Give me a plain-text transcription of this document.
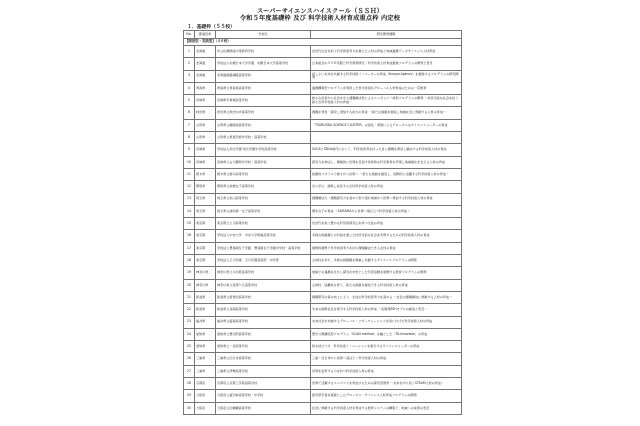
スーパーサイエンスハイスクール（ＳＳＨ）
令和５年度基礎枠 及び 科学技術人材育成重点枠 内定校
１．基礎枠（５５校）
No.	都道府県	学校名	研究開発課題
【開発型・実践型】（４６校）			
1	北海道	市立札幌開成中等教育学校	次世代社会を担う科学的思考力を備えた人材の育成と地域連携データサイエンス人材育成
2	北海道	学校法人札幌日本大学学園　札幌日本大学高等学校	日本最北のＳＳＨ実践と科学教育研究・科学技術人材育成推進プログラムの開発と普及
3	北海道	北海道釧路湖陵高等学校	試しよい未来を共創する科学技術イノベーターの育成（Kuroyo Agency）を推進するプログラムの研究開発
4	青森県	青森県立青森東高等学校	連携構築型プログラムを利用した科学技術系グローバル人材育成のための一貫教育
5	宮城県	宮城県多賀城高等学校	様々な災害から社会を守る課題解決型によるエンゼリン一体型プログラムの開発 ～持続可能な社会を担う新たな科学技術人材の育成～
6	秋田県	秋田県立秋田中央高等学校	課題を発見・探究し発信する能力の育成 ～新たな価値を創造し地域社会に貢献する人材の育成～
7	山形県	山形県立鶴岡南高等学校	「TSURUOKA SCIENCE CLUSTER」の深化・発展によるグローカルなサイエンスリーダーの育成
8	山形県	山形県立東桜学館中学校・高等学校	
9	宮城県	学校法人尚志学園 尚志学園中学校高等学校	VUCAとSDGs時代において、科学的思考を持った自ら課題を発見し解決する科学技術人材の育成
10	宮城県	宮城県立古川黎明中学校・高等学校	探究力を伸ばし、積極的に世界を目指す世界的な科学教育を実現し地域創生を支える人材の育成
11	栃木県	栃木県立栃木高等学校	能動的スタイルで様々から世界へ ～新たな価値を創造し、国際的に活躍する科学技術人材の育成～
12	群馬県	群馬県立前橋女子高等学校	自ら学び、挑戦し成長する女性科学技術人材の育成
13	埼玉県	埼玉県立松山高等学校	課題解決力・課題探究力を高めて取り組む地域から世界へ発信する科学技術人材の育成
14	埼玉県	埼玉県立浦和第一女子高等学校	理系女子の育成 ～SAITAMAから世界へ飛び立つ科学技術人材の育成～
15	東京都	東京都立立川高等学校	次世代を担う豊かな科学的探究心を持つ生徒の育成
16	東京都	学校法人中央大学　中央大学附属高等学校	多様な価値観との対話を通じた持続可能な社会を実現するための科学技術人材の育成
17	東京都	学校法人豊島岡女子学園　豊島岡女子学園中学校・高等学校	国際的視野と科学的思考力を持ち課題解決できる女性の育成
18	東京都	学校法人玉川学園　玉川学園高等部・中学部	主体性を持ち、多様な価値観を尊重し共創するサイエンスプログラムの開発
19	神奈川県	神奈川県立小田原高等学校	地域との連携を生かし探究を中核とした学習活動を展開する教育プログラムの開発
20	神奈川県	神奈川県立希望ケ丘高等学校	主体性・協働性を育て、新たな価値を創造できる科学技術人材の育成
21	新潟県	新潟県立新発田高等学校	課題研究の質の向上により、生徒の科学的思考力を高める ～社会の課題解決に貢献する人材の育成～
22	新潟県	新潟県立長岡高等学校	未来の国際社会を牽引する科学技術人材の育成 ～長岡発SSHモデルの創造と普及～
23	福井県	福井県立藤島高等学校	未来社会を共創するグローバル・リサーチャーシップを身に付けた科学技術人材の育成
24	愛知県	愛知県立豊田西高等学校	豊学公開講座型プログラム「SCAN method」を軸とした「TK-Innovator」の育成
25	愛知県	愛知県立一宮高等学校	知を結びつけ、科学技術イノベーションを牽引するサイエンスリーダーの育成
26	三重県	三重県立四日市高等学校	三重・四日市から世界へ羽ばたく科学技術人材の育成
27	三重県	三重県立伊勢高等学校	世界を変革する力を持つ科学技術人材の育成
28	京都府	京都府立京都工学院高等学校	世界で活躍するエンジニアを育成するための探究型教育 ～未来を切り拓くSTEAM人材の育成～
29	大阪府	大阪府立富田林高等学校・中学校	探究型学習を基盤としたグローカル・サイエンス人材育成プログラムの開発
30	大阪府	大阪府立四條畷高等学校	社会に貢献する科学技術人材を育成する教育システムの構築と、地域への成果の普及
